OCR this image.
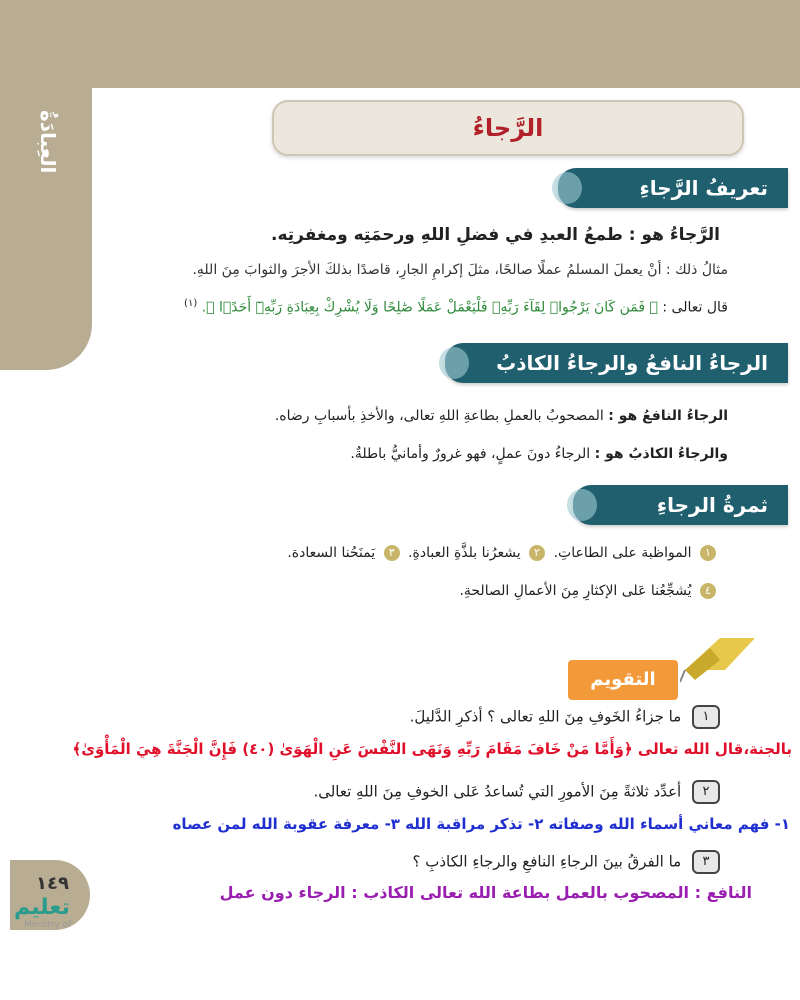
العِبادَةُ	الرَّجاءُ
تعريفُ الرَّجاءِ
الرَّجاءُ هو : طمعُ العبدِ في فضلِ اللهِ ورحمَتِه ومغفرتِه.
مثالُ ذلك : أنْ يعملَ المسلمُ عملًا صالحًا، مثلَ إكرامِ الجارِ، قاصدًا بذلكَ الأجرَ والثوابَ مِنَ اللهِ.
قال تعالى : ﴿ فَمَن كَانَ يَرْجُوا۟ لِقَآءَ رَبِّهِۦ فَلْيَعْمَلْ عَمَلًا صَٰلِحًا وَلَا يُشْرِكْ بِعِبَادَةِ رَبِّهِۦٓ أَحَدًۢا ﴾. $^{(١)}$
الرجاءُ النافعُ والرجاءُ الكاذبُ
الرجاءُ النافعُ هو : المصحوبُ بالعملِ بطاعةِ اللهِ تعالى، والأخذِ بأسبابِ رضاه.
والرجاءُ الكاذبُ هو : الرجاءُ دونَ عملٍ، فهو غرورٌ وأمانيُّ باطلةٌ.
ثمرةُ الرجاءِ
١ المواظبة على الطاعاتِ. ٢ يشعرُنا بلذَّةِ العبادةِ. ٣ يَمنَحُنا السعادة.
٤ يُشجِّعُنا عَلى الإكثارِ مِنَ الأعمالِ الصالحةِ.
التقويم
١ ما جزاءُ الخَوفِ مِنَ اللهِ تعالى ؟ أذكرِ الدَّليلَ.
بالجنة،قال الله تعالى ﴿وَأَمَّا مَنْ خَافَ مَقَامَ رَبِّهِ وَنَهَى النَّفْسَ عَنِ الْهَوَىٰ (٤٠) فَإِنَّ الْجَنَّةَ هِيَ الْمَأْوَىٰ﴾
٢ أعدِّد ثلاثةً مِنَ الأمورِ التي تُساعدُ عَلى الخوفِ مِنَ اللهِ تعالى.
١- فهم معاني أسماء الله وصفاته ٢- تذكر مراقبة الله ٣- معرفة عقوبة الله لمن عصاه
٣ ما الفرقُ بينَ الرجاءِ النافعِ والرجاءِ الكاذبِ ؟
النافع : المصحوب بالعمل بطاعة الله تعالى الكاذب : الرجاء دون عمل
١٤٩
تعليم
Ministry of
